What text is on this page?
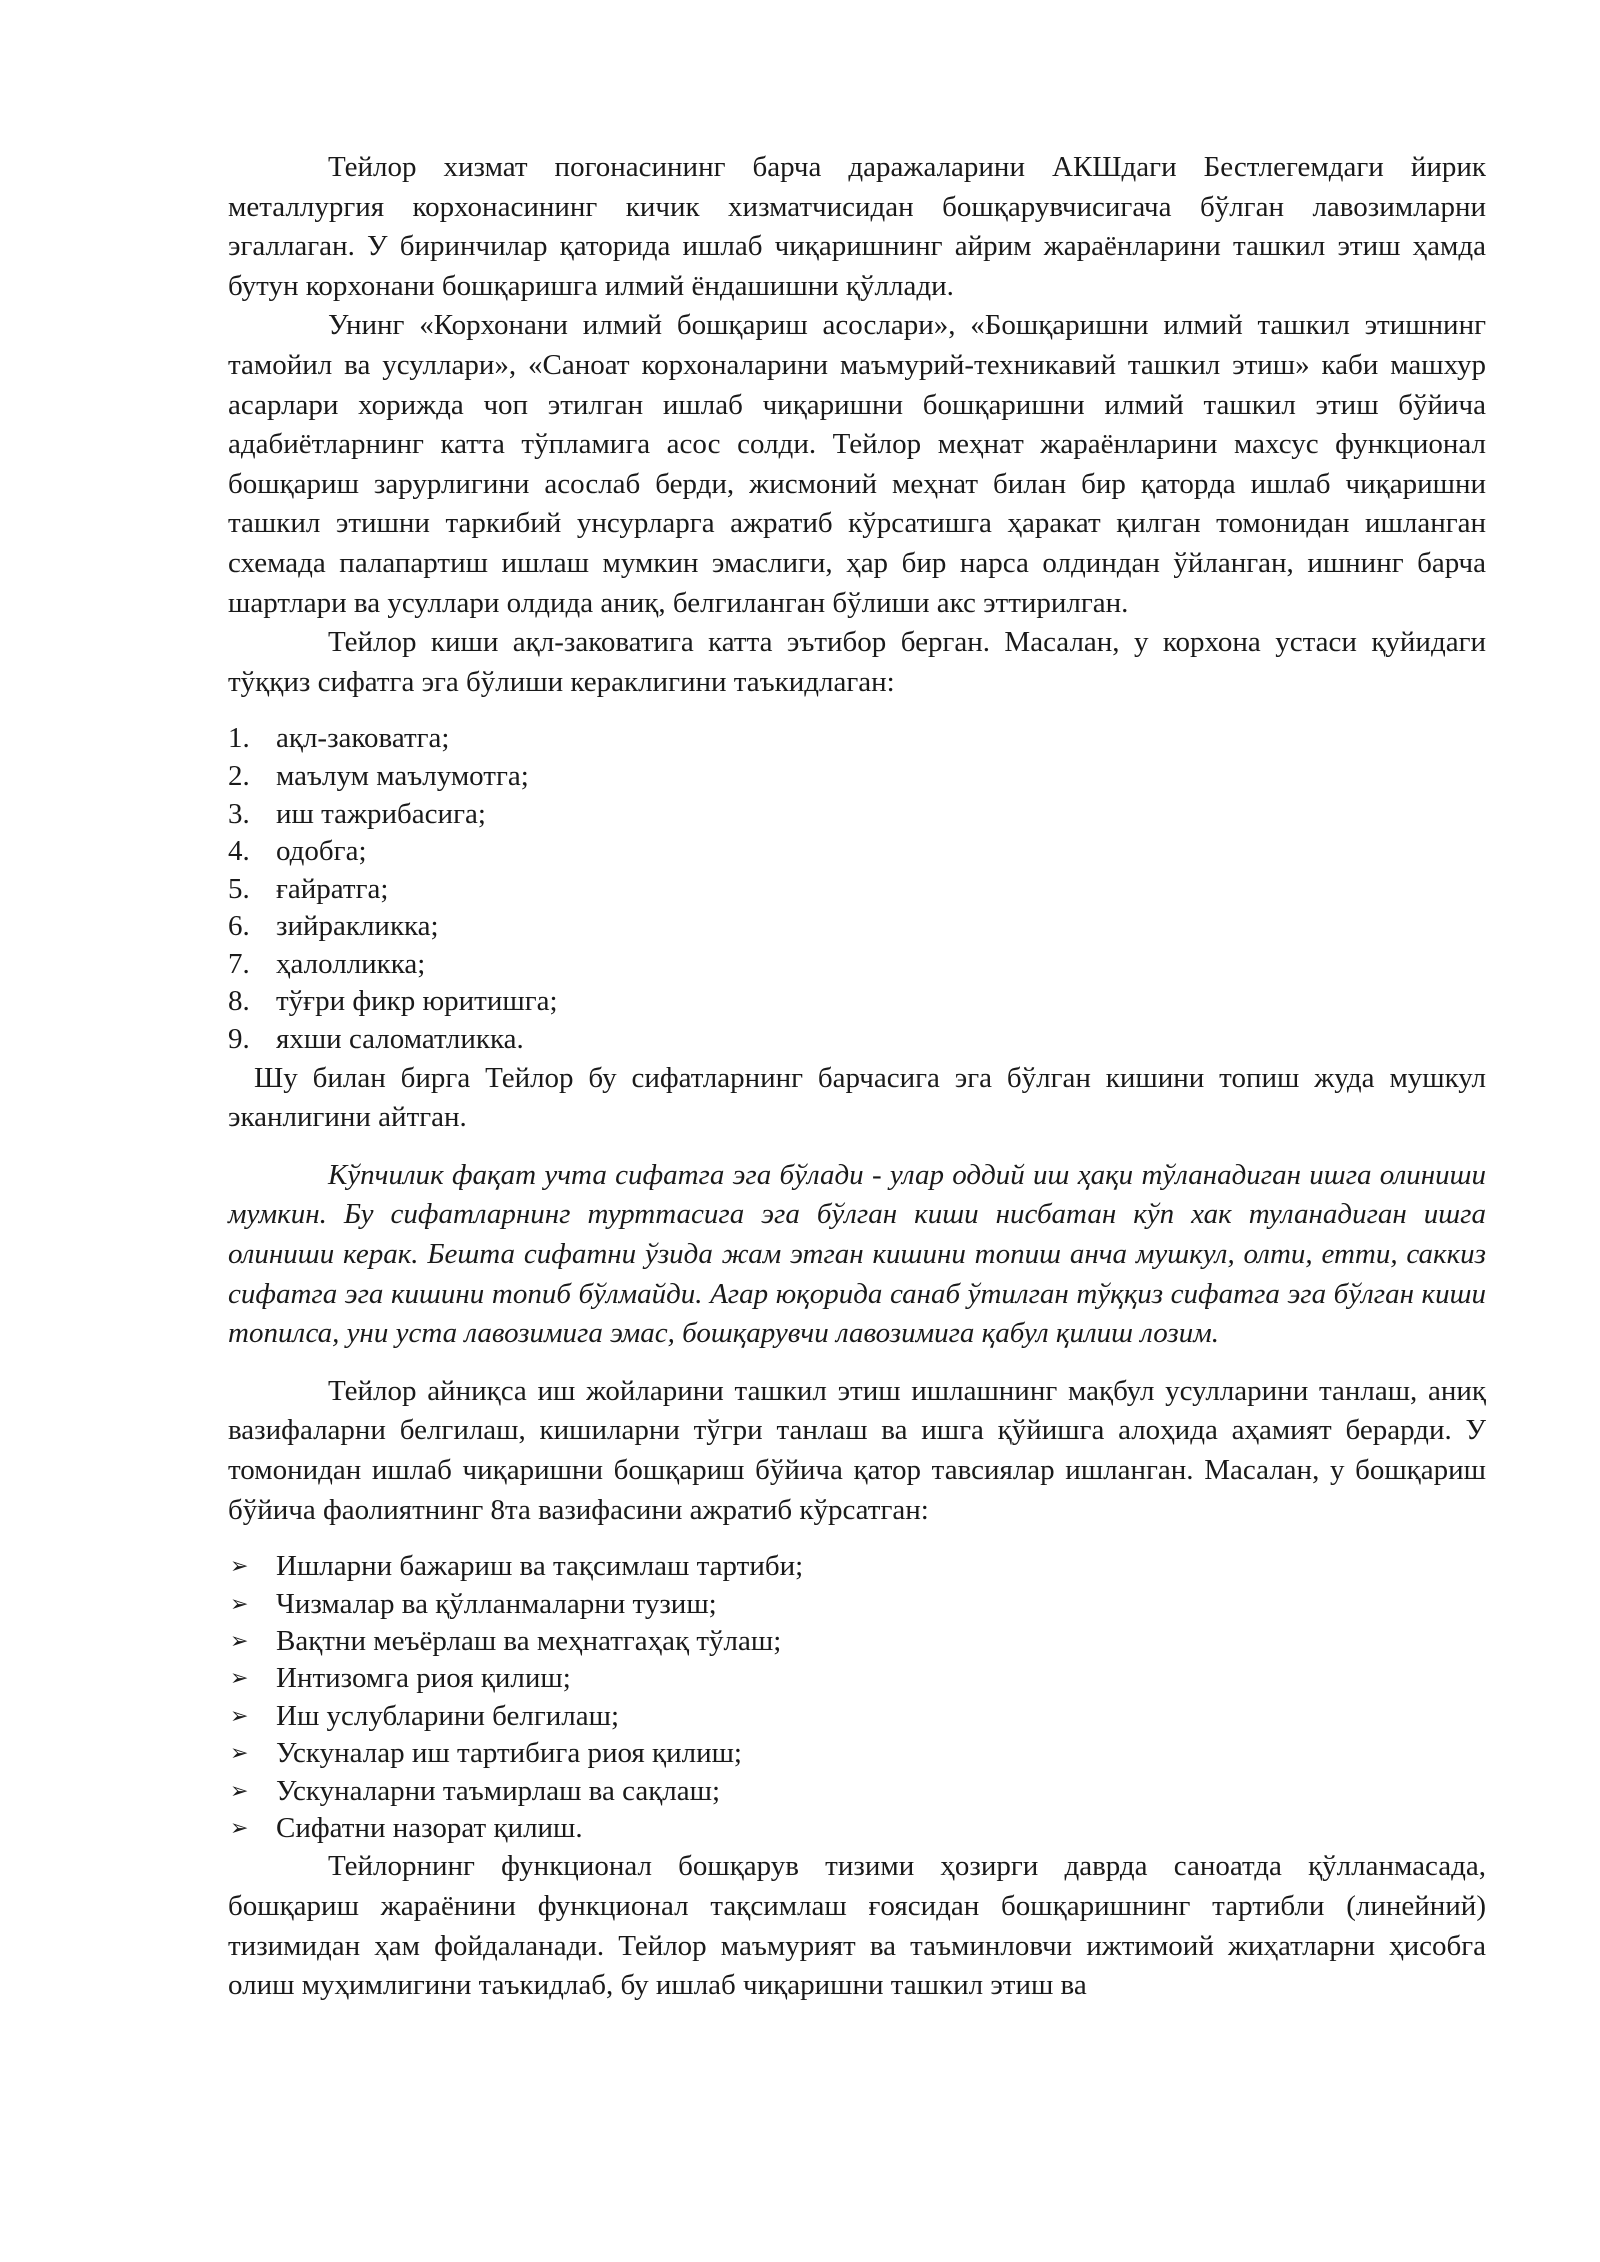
Тейлор хизмат погонасининг барча даражаларини АКШдаги Бестлегемдаги йирик металлургия корхонасининг кичик хизматчисидан бошқарувчисигача бўлган лавозимларни эгаллаган. У биринчилар қаторида ишлаб чиқаришнинг айрим жараёнларини ташкил этиш ҳамда бутун корхонани бошқаришга илмий ёндашишни қўллади.

Унинг «Корхонани илмий бошқариш асослари», «Бошқаришни илмий ташкил этишнинг тамойил ва усуллари», «Саноат корхоналарини маъмурий-техникавий ташкил этиш» каби машхур асарлари хорижда чоп этилган ишлаб чиқаришни бошқаришни илмий ташкил этиш бўйича адабиётларнинг катта тўпламига асос солди. Тейлор меҳнат жараёнларини махсус функционал бошқариш зарурлигини асослаб берди, жисмоний меҳнат билан бир қаторда ишлаб чиқаришни ташкил этишни таркибий унсурларга ажратиб кўрсатишга ҳаракат қилган томонидан ишланган схемада палапартиш ишлаш мумкин эмаслиги, ҳар бир нарса олдиндан ўйланган, ишнинг барча шартлари ва усуллари олдида аниқ, белгиланган бўлиши акс эттирилган.

Тейлор киши ақл-заковатига катта эътибор берган. Масалан, у корхона устаси қуйидаги тўққиз сифатга эга бўлиши кераклигини таъкидлаган:

1. ақл-заковатга;
2. маълум маълумотга;
3. иш тажрибасига;
4. одобга;
5. ғайратга;
6. зийракликка;
7. ҳалолликка;
8. тўғри фикр юритишга;
9. яхши саломатликка.

Шу билан бирга Тейлор бу сифатларнинг барчасига эга бўлган кишини топиш жуда мушкул эканлигини айтган.

Кўпчилик фақат учта сифатга эга бўлади - улар оддий иш ҳақи тўланадиган ишга олиниши мумкин. Бу сифатларнинг турттасига эга бўлган киши нисбатан кўп хак туланадиган ишга олиниши керак. Бешта сифатни ўзида жам этган кишини топиш анча мушкул, олти, етти, саккиз сифатга эга кишини топиб бўлмайди. Агар юқорида санаб ўтилган тўққиз сифатга эга бўлган киши топилса, уни уста лавозимига эмас, бошқарувчи лавозимига қабул қилиш лозим.

Тейлор айниқса иш жойларини ташкил этиш ишлашнинг мақбул усулларини танлаш, аниқ вазифаларни белгилаш, кишиларни тўгри танлаш ва ишга қўйишга алоҳида аҳамият берарди. У томонидан ишлаб чиқаришни бошқариш бўйича қатор тавсиялар ишланган. Масалан, у бошқариш бўйича фаолиятнинг 8та вазифасини ажратиб кўрсатган:

➢ Ишларни бажариш ва тақсимлаш тартиби;
➢ Чизмалар ва қўлланмаларни тузиш;
➢ Вақтни меъёрлаш ва меҳнатгаҳақ тўлаш;
➢ Интизомга риоя қилиш;
➢ Иш услубларини белгилаш;
➢ Ускуналар иш тартибига риоя қилиш;
➢ Ускуналарни таъмирлаш ва сақлаш;
➢ Сифатни назорат қилиш.

Тейлорнинг функционал бошқарув тизими ҳозирги даврда саноатда қўлланмасада, бошқариш жараёнини функционал тақсимлаш ғоясидан бошқаришнинг тартибли (линейний) тизимидан ҳам фойдаланади. Тейлор маъмурият ва таъминловчи ижтимоий жиҳатларни ҳисобга олиш муҳимлигини таъкидлаб, бу ишлаб чиқаришни ташкил этиш ва
